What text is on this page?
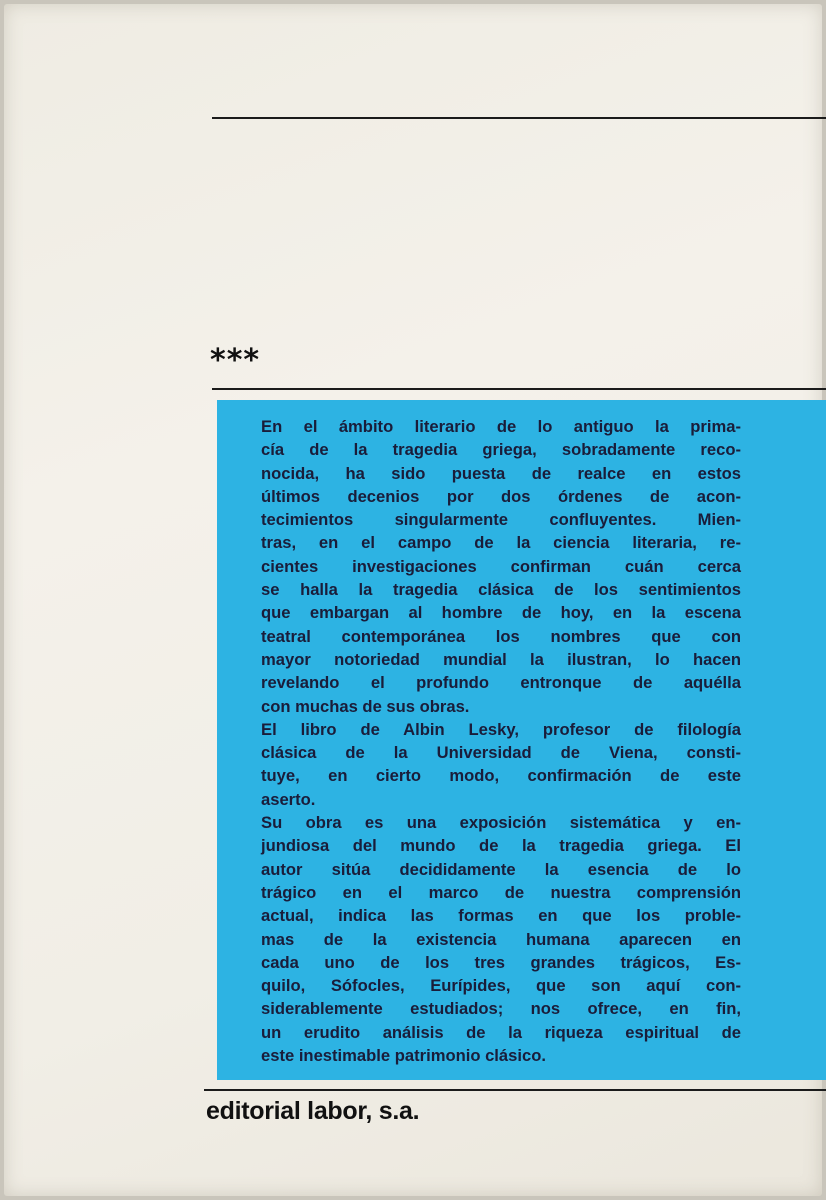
***
En el ámbito literario de lo antiguo la prima-
cía de la tragedia griega, sobradamente reco-
nocida, ha sido puesta de realce en estos
últimos decenios por dos órdenes de acon-
tecimientos singularmente confluyentes. Mien-
tras, en el campo de la ciencia literaria, re-
cientes investigaciones confirman cuán cerca
se halla la tragedia clásica de los sentimientos
que embargan al hombre de hoy, en la escena
teatral contemporánea los nombres que con
mayor notoriedad mundial la ilustran, lo hacen
revelando el profundo entronque de aquélla
con muchas de sus obras.
El libro de Albin Lesky, profesor de filología
clásica de la Universidad de Viena, consti-
tuye, en cierto modo, confirmación de este
aserto.
Su obra es una exposición sistemática y en-
jundiosa del mundo de la tragedia griega. El
autor sitúa decididamente la esencia de lo
trágico en el marco de nuestra comprensión
actual, indica las formas en que los proble-
mas de la existencia humana aparecen en
cada uno de los tres grandes trágicos, Es-
quilo, Sófocles, Eurípides, que son aquí con-
siderablemente estudiados; nos ofrece, en fin,
un erudito análisis de la riqueza espiritual de
este inestimable patrimonio clásico.
editorial labor, s.a.
